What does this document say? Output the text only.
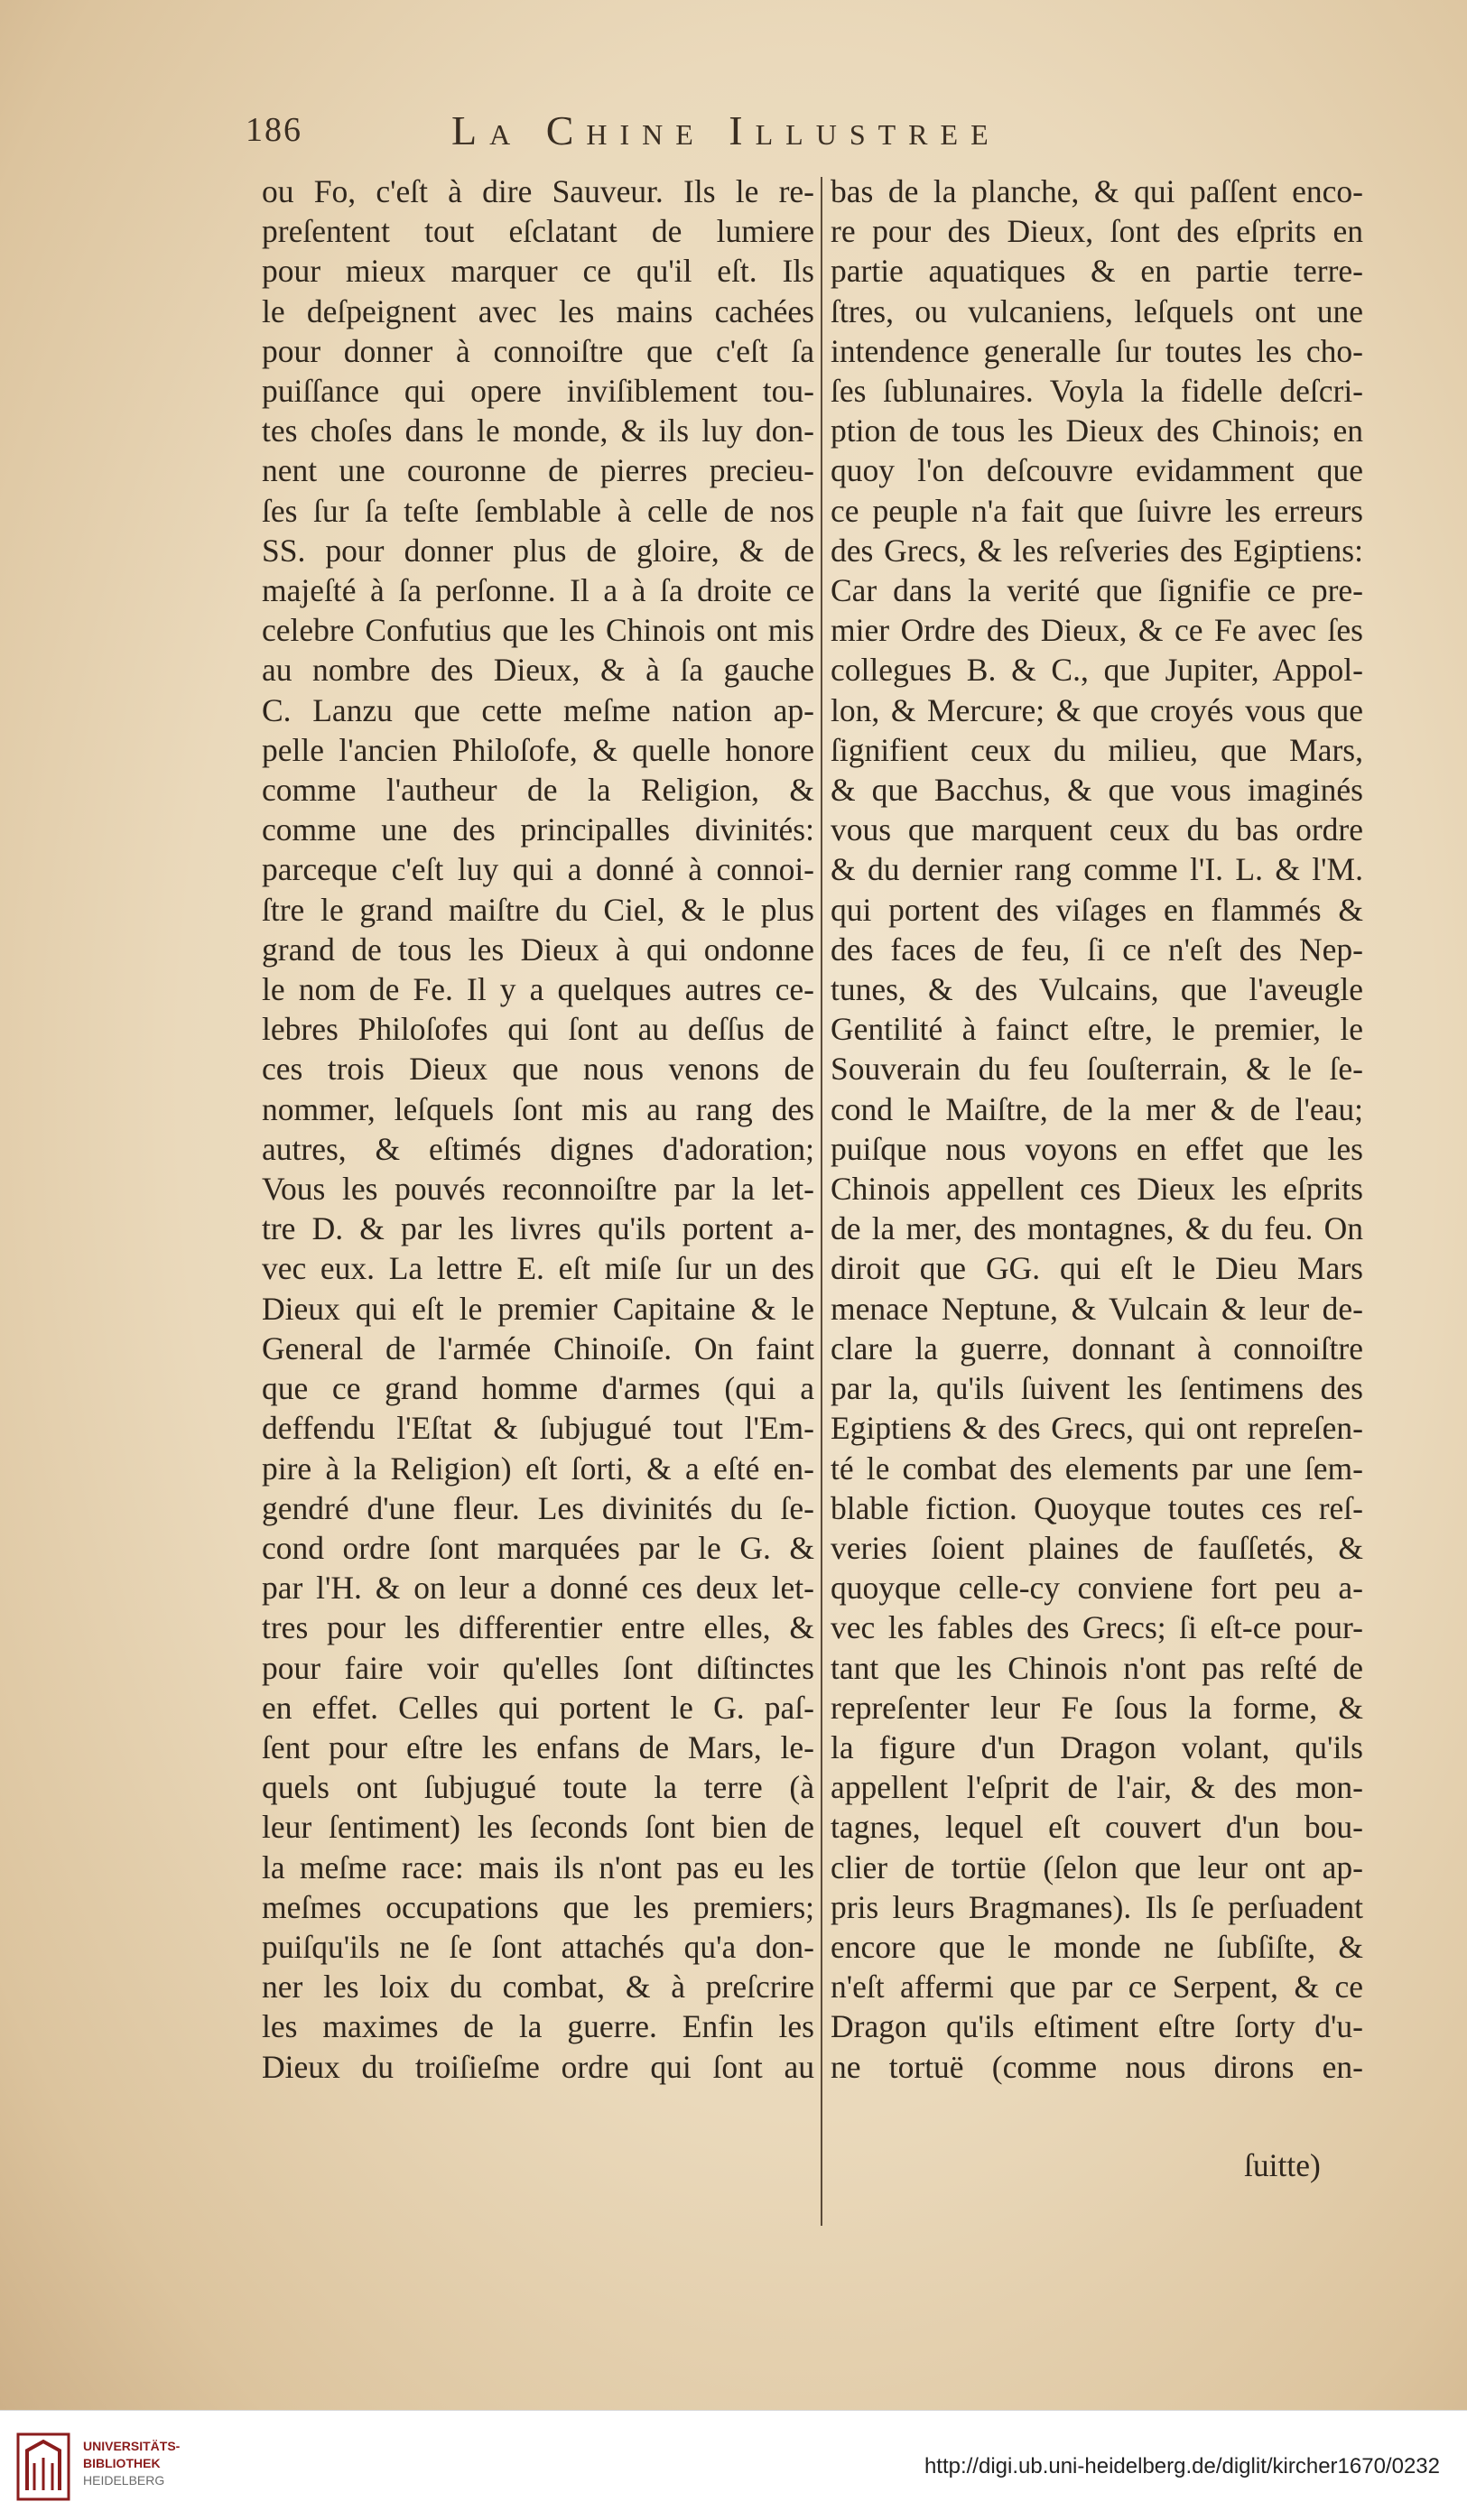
186	La Chine Illustree
ou Fo, c'eſt à dire Sauveur. Ils le re-
preſentent tout eſclatant de lumiere
pour mieux marquer ce qu'il eſt. Ils
le deſpeignent avec les mains cachées
pour donner à connoiſtre que c'eſt ſa
puiſſance qui opere inviſiblement tou-
tes choſes dans le monde, & ils luy don-
nent une couronne de pierres precieu-
ſes ſur ſa teſte ſemblable à celle de nos
SS. pour donner plus de gloire, & de
majeſté à ſa perſonne. Il a à ſa droite ce
celebre Confutius que les Chinois ont mis
au nombre des Dieux, & à ſa gauche
C. Lanzu que cette meſme nation ap-
pelle l'ancien Philoſofe, & quelle honore
comme l'autheur de la Religion, &
comme une des principalles divinités:
parceque c'eſt luy qui a donné à connoi-
ſtre le grand maiſtre du Ciel, & le plus
grand de tous les Dieux à qui ondonne
le nom de Fe. Il y a quelques autres ce-
lebres Philoſofes qui ſont au deſſus de
ces trois Dieux que nous venons de
nommer, leſquels ſont mis au rang des
autres, & eſtimés dignes d'adoration;
Vous les pouvés reconnoiſtre par la let-
tre D. & par les livres qu'ils portent a-
vec eux. La lettre E. eſt miſe ſur un des
Dieux qui eſt le premier Capitaine & le
General de l'armée Chinoiſe. On faint
que ce grand homme d'armes (qui a
deffendu l'Eſtat & ſubjugué tout l'Em-
pire à la Religion) eſt ſorti, & a eſté en-
gendré d'une fleur. Les divinités du ſe-
cond ordre ſont marquées par le G. &
par l'H. & on leur a donné ces deux let-
tres pour les differentier entre elles, &
pour faire voir qu'elles ſont diſtinctes
en effet. Celles qui portent le G. paſ-
ſent pour eſtre les enfans de Mars, le-
quels ont ſubjugué toute la terre (à
leur ſentiment) les ſeconds ſont bien de
la meſme race: mais ils n'ont pas eu les
meſmes occupations que les premiers;
puiſqu'ils ne ſe ſont attachés qu'a don-
ner les loix du combat, & à preſcrire
les maximes de la guerre. Enfin les
Dieux du troiſieſme ordre qui ſont au
bas de la planche, & qui paſſent enco-
re pour des Dieux, ſont des eſprits en
partie aquatiques & en partie terre-
ſtres, ou vulcaniens, leſquels ont une
intendence generalle ſur toutes les cho-
ſes ſublunaires. Voyla la fidelle deſcri-
ption de tous les Dieux des Chinois; en
quoy l'on deſcouvre evidamment que
ce peuple n'a fait que ſuivre les erreurs
des Grecs, & les reſveries des Egiptiens:
Car dans la verité que ſignifie ce pre-
mier Ordre des Dieux, & ce Fe avec ſes
collegues B. & C., que Jupiter, Appol-
lon, & Mercure; & que croyés vous que
ſignifient ceux du milieu, que Mars,
& que Bacchus, & que vous imaginés
vous que marquent ceux du bas ordre
& du dernier rang comme l'I. L. & l'M.
qui portent des viſages en flammés &
des faces de feu, ſi ce n'eſt des Nep-
tunes, & des Vulcains, que l'aveugle
Gentilité à fainct eſtre, le premier, le
Souverain du feu ſouſterrain, & le ſe-
cond le Maiſtre, de la mer & de l'eau;
puiſque nous voyons en effet que les
Chinois appellent ces Dieux les eſprits
de la mer, des montagnes, & du feu. On
diroit que GG. qui eſt le Dieu Mars
menace Neptune, & Vulcain & leur de-
clare la guerre, donnant à connoiſtre
par la, qu'ils ſuivent les ſentimens des
Egiptiens & des Grecs, qui ont repreſen-
té le combat des elements par une ſem-
blable fiction. Quoyque toutes ces reſ-
veries ſoient plaines de fauſſetés, &
quoyque celle-cy conviene fort peu a-
vec les fables des Grecs; ſi eſt-ce pour-
tant que les Chinois n'ont pas reſté de
repreſenter leur Fe ſous la forme, &
la figure d'un Dragon volant, qu'ils
appellent l'eſprit de l'air, & des mon-
tagnes, lequel eſt couvert d'un bou-
clier de tortüe (ſelon que leur ont ap-
pris leurs Bragmanes). Ils ſe perſuadent
encore que le monde ne ſubſiſte, &
n'eſt affermi que par ce Serpent, & ce
Dragon qu'ils eſtiment eſtre ſorty d'u-
ne tortuë (comme nous dirons en-
ſuitte)
UNIVERSITÄTS-
BIBLIOTHEK
HEIDELBERG
http://digi.ub.uni-heidelberg.de/diglit/kircher1670/0232
